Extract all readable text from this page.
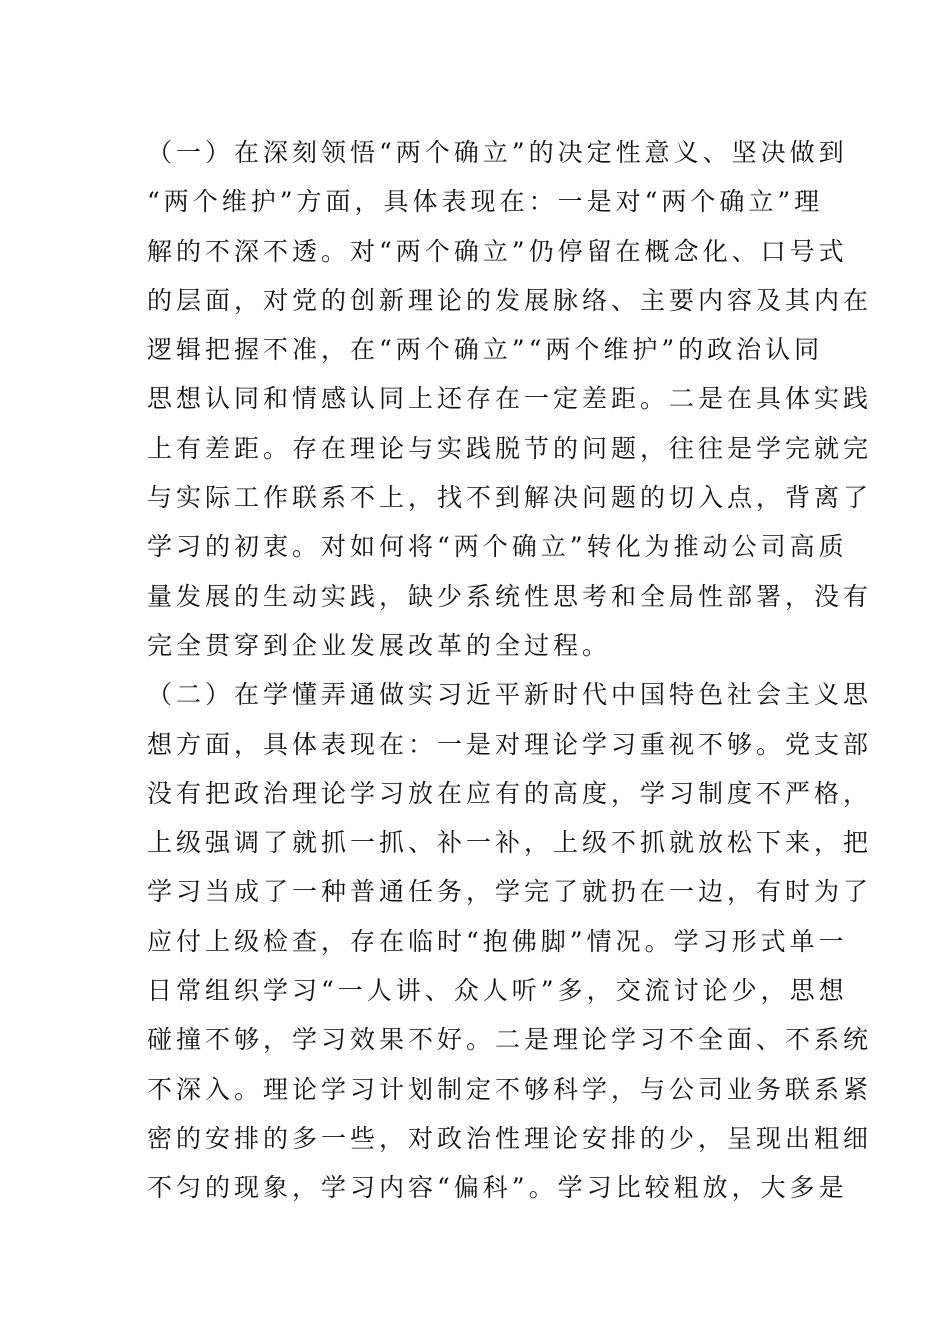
（一）在深刻领悟“两个确立”的决定性意义、坚决做到
“两个维护”方面，具体表现在：一是对“两个确立”理
解的不深不透。对“两个确立”仍停留在概念化、口号式
的层面，对党的创新理论的发展脉络、主要内容及其内在
逻辑把握不准，在“两个确立”“两个维护”的政治认同
思想认同和情感认同上还存在一定差距。二是在具体实践
上有差距。存在理论与实践脱节的问题，往往是学完就完
与实际工作联系不上，找不到解决问题的切入点，背离了
学习的初衷。对如何将“两个确立”转化为推动公司高质
量发展的生动实践，缺少系统性思考和全局性部署，没有
完全贯穿到企业发展改革的全过程。
（二）在学懂弄通做实习近平新时代中国特色社会主义思
想方面，具体表现在：一是对理论学习重视不够。党支部
没有把政治理论学习放在应有的高度，学习制度不严格，
上级强调了就抓一抓、补一补，上级不抓就放松下来，把
学习当成了一种普通任务，学完了就扔在一边，有时为了
应付上级检查，存在临时“抱佛脚”情况。学习形式单一
日常组织学习“一人讲、众人听”多，交流讨论少，思想
碰撞不够，学习效果不好。二是理论学习不全面、不系统
不深入。理论学习计划制定不够科学，与公司业务联系紧
密的安排的多一些，对政治性理论安排的少，呈现出粗细
不匀的现象，学习内容“偏科”。学习比较粗放，大多是
